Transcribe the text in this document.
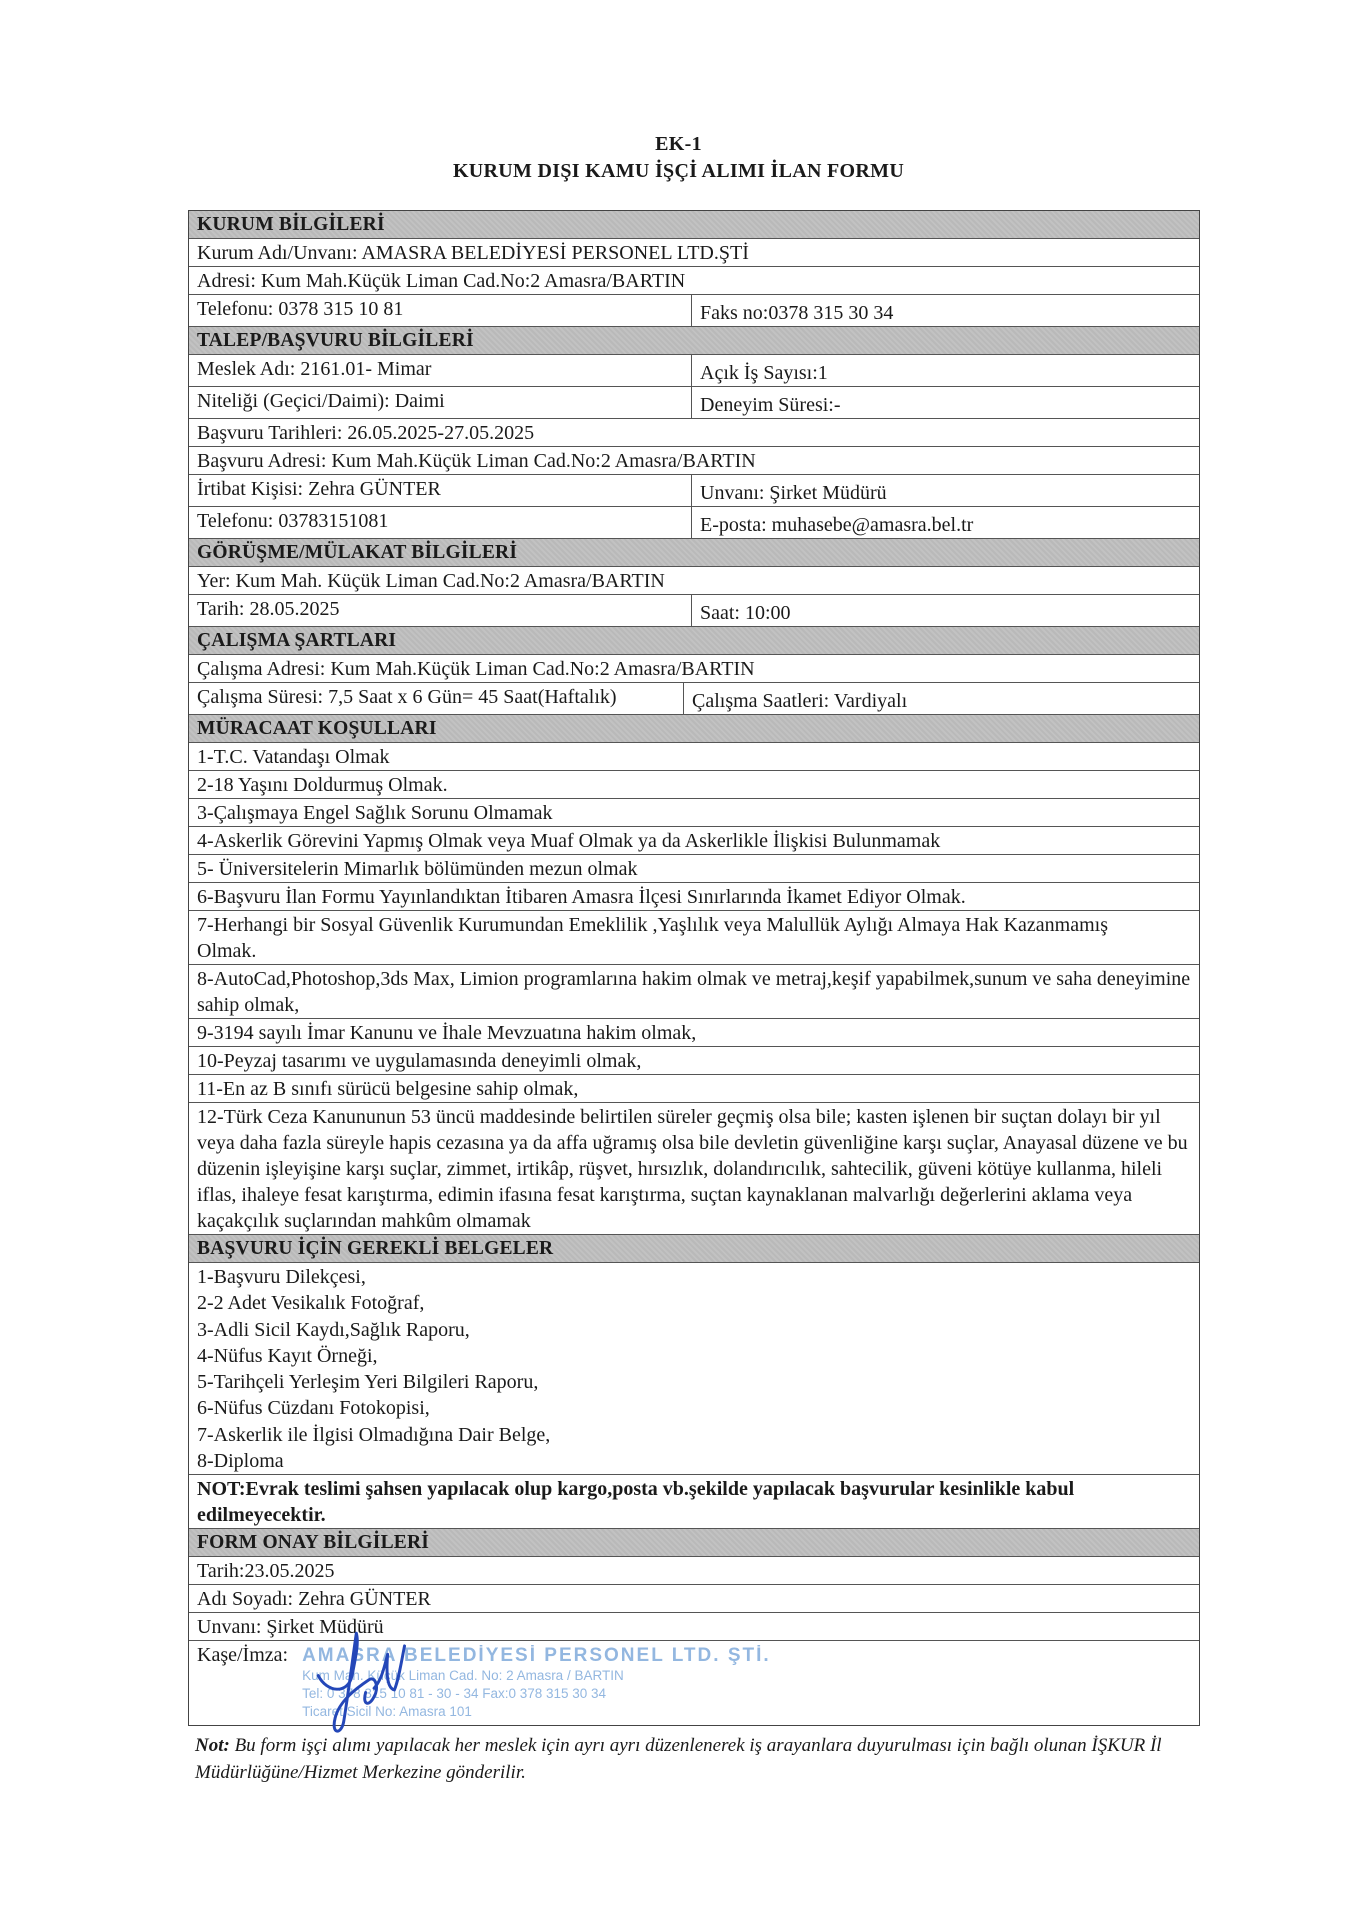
EK-1
KURUM DIŞI KAMU İŞÇİ ALIMI İLAN FORMU
KURUM BİLGİLERİ
Kurum Adı/Unvanı: AMASRA BELEDİYESİ PERSONEL LTD.ŞTİ
Adresi: Kum Mah.Küçük Liman Cad.No:2 Amasra/BARTIN
Telefonu: 0378 315 10 81	Faks no:0378 315 30 34
TALEP/BAŞVURU BİLGİLERİ
Meslek Adı: 2161.01- Mimar	Açık İş Sayısı:1
Niteliği (Geçici/Daimi): Daimi	Deneyim Süresi:-
Başvuru Tarihleri: 26.05.2025-27.05.2025
Başvuru Adresi: Kum Mah.Küçük Liman Cad.No:2 Amasra/BARTIN
İrtibat Kişisi: Zehra GÜNTER	Unvanı: Şirket Müdürü
Telefonu: 03783151081	E-posta: muhasebe@amasra.bel.tr
GÖRÜŞME/MÜLAKAT BİLGİLERİ
Yer: Kum Mah. Küçük Liman Cad.No:2 Amasra/BARTIN
Tarih: 28.05.2025	Saat: 10:00
ÇALIŞMA ŞARTLARI
Çalışma Adresi: Kum Mah.Küçük Liman Cad.No:2 Amasra/BARTIN
Çalışma Süresi: 7,5 Saat x 6 Gün= 45 Saat(Haftalık)	Çalışma Saatleri: Vardiyalı
MÜRACAAT KOŞULLARI
1-T.C. Vatandaşı Olmak
2-18 Yaşını Doldurmuş Olmak.
3-Çalışmaya Engel Sağlık Sorunu Olmamak
4-Askerlik Görevini Yapmış Olmak veya Muaf Olmak ya da Askerlikle İlişkisi Bulunmamak
5- Üniversitelerin Mimarlık bölümünden mezun olmak
6-Başvuru İlan Formu Yayınlandıktan İtibaren Amasra İlçesi Sınırlarında İkamet Ediyor Olmak.
7-Herhangi bir Sosyal Güvenlik Kurumundan Emeklilik ,Yaşlılık veya Malullük Aylığı Almaya Hak Kazanmamış Olmak.
8-AutoCad,Photoshop,3ds Max, Limion programlarına hakim olmak ve metraj,keşif yapabilmek,sunum ve saha deneyimine sahip olmak,
9-3194 sayılı İmar Kanunu ve İhale Mevzuatına hakim olmak,
10-Peyzaj tasarımı ve uygulamasında deneyimli olmak,
11-En az B sınıfı sürücü belgesine sahip olmak,
12-Türk Ceza Kanununun 53 üncü maddesinde belirtilen süreler geçmiş olsa bile; kasten işlenen bir suçtan dolayı bir yıl veya daha fazla süreyle hapis cezasına ya da affa uğramış olsa bile devletin güvenliğine karşı suçlar, Anayasal düzene ve bu düzenin işleyişine karşı suçlar, zimmet, irtikâp, rüşvet, hırsızlık, dolandırıcılık, sahtecilik, güveni kötüye kullanma, hileli iflas, ihaleye fesat karıştırma, edimin ifasına fesat karıştırma, suçtan kaynaklanan malvarlığı değerlerini aklama veya kaçakçılık suçlarından mahkûm olmamak
BAŞVURU İÇİN GEREKLİ BELGELER
1-Başvuru Dilekçesi,
2-2 Adet Vesikalık Fotoğraf,
3-Adli Sicil Kaydı,Sağlık Raporu,
4-Nüfus Kayıt Örneği,
5-Tarihçeli Yerleşim Yeri Bilgileri Raporu,
6-Nüfus Cüzdanı Fotokopisi,
7-Askerlik ile İlgisi Olmadığına Dair Belge,
8-Diploma
NOT:Evrak teslimi şahsen yapılacak olup kargo,posta vb.şekilde yapılacak başvurular kesinlikle kabul edilmeyecektir.
FORM ONAY BİLGİLERİ
Tarih:23.05.2025
Adı Soyadı: Zehra GÜNTER
Unvanı: Şirket Müdürü
Kaşe/İmza: AMASRA BELEDİYESİ PERSONEL LTD. ŞTİ.
Kum Mah. Küçük Liman Cad. No: 2 Amasra / BARTIN
Tel: 0 378 315 10 81 - 30 - 34 Fax:0 378 315 30 34
Ticaret Sicil No: Amasra 101
Not: Bu form işçi alımı yapılacak her meslek için ayrı ayrı düzenlenerek iş arayanlara duyurulması için bağlı olunan İŞKUR İl Müdürlüğüne/Hizmet Merkezine gönderilir.
